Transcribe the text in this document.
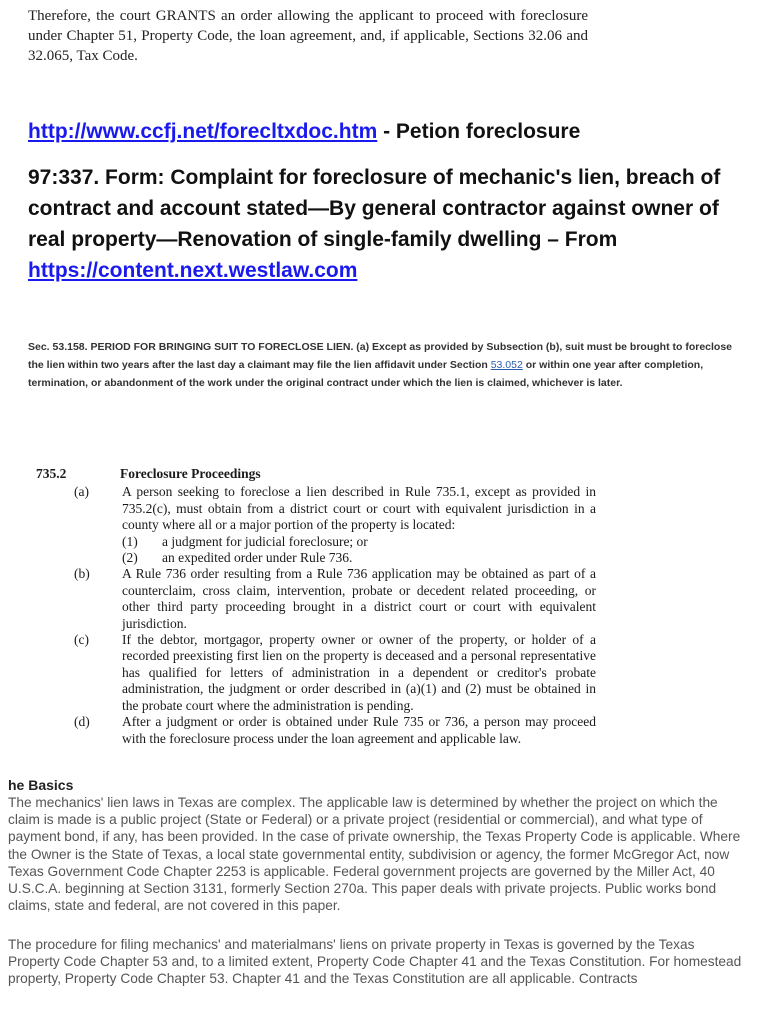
Therefore, the court GRANTS an order allowing the applicant to proceed with foreclosure under Chapter 51, Property Code, the loan agreement, and, if applicable, Sections 32.06 and 32.065, Tax Code.
http://www.ccfj.net/forecltxdoc.htm - Petion foreclosure
97:337. Form: Complaint for foreclosure of mechanic's lien, breach of contract and account stated—By general contractor against owner of real property—Renovation of single-family dwelling – From https://content.next.westlaw.com
Sec. 53.158. PERIOD FOR BRINGING SUIT TO FORECLOSE LIEN. (a) Except as provided by Subsection (b), suit must be brought to foreclose the lien within two years after the last day a claimant may file the lien affidavit under Section 53.052 or within one year after completion, termination, or abandonment of the work under the original contract under which the lien is claimed, whichever is later.
735.2	Foreclosure Proceedings
(a)	A person seeking to foreclose a lien described in Rule 735.1, except as provided in 735.2(c), must obtain from a district court or court with equivalent jurisdiction in a county where all or a major portion of the property is located:
(1)	a judgment for judicial foreclosure; or
(2)	an expedited order under Rule 736.
(b)	A Rule 736 order resulting from a Rule 736 application may be obtained as part of a counterclaim, cross claim, intervention, probate or decedent related proceeding, or other third party proceeding brought in a district court or court with equivalent jurisdiction.
(c)	If the debtor, mortgagor, property owner or owner of the property, or holder of a recorded preexisting first lien on the property is deceased and a personal representative has qualified for letters of administration in a dependent or creditor's probate administration, the judgment or order described in (a)(1) and (2) must be obtained in the probate court where the administration is pending.
(d)	After a judgment or order is obtained under Rule 735 or 736, a person may proceed with the foreclosure process under the loan agreement and applicable law.
he Basics
The mechanics' lien laws in Texas are complex. The applicable law is determined by whether the project on which the claim is made is a public project (State or Federal) or a private project (residential or commercial), and what type of payment bond, if any, has been provided. In the case of private ownership, the Texas Property Code is applicable. Where the Owner is the State of Texas, a local state governmental entity, subdivision or agency, the former McGregor Act, now Texas Government Code Chapter 2253 is applicable. Federal government projects are governed by the Miller Act, 40 U.S.C.A. beginning at Section 3131, formerly Section 270a. This paper deals with private projects. Public works bond claims, state and federal, are not covered in this paper.
The procedure for filing mechanics' and materialmans' liens on private property in Texas is governed by the Texas Property Code Chapter 53 and, to a limited extent, Property Code Chapter 41 and the Texas Constitution. For homestead property, Property Code Chapter 53. Chapter 41 and the Texas Constitution are all applicable. Contracts
